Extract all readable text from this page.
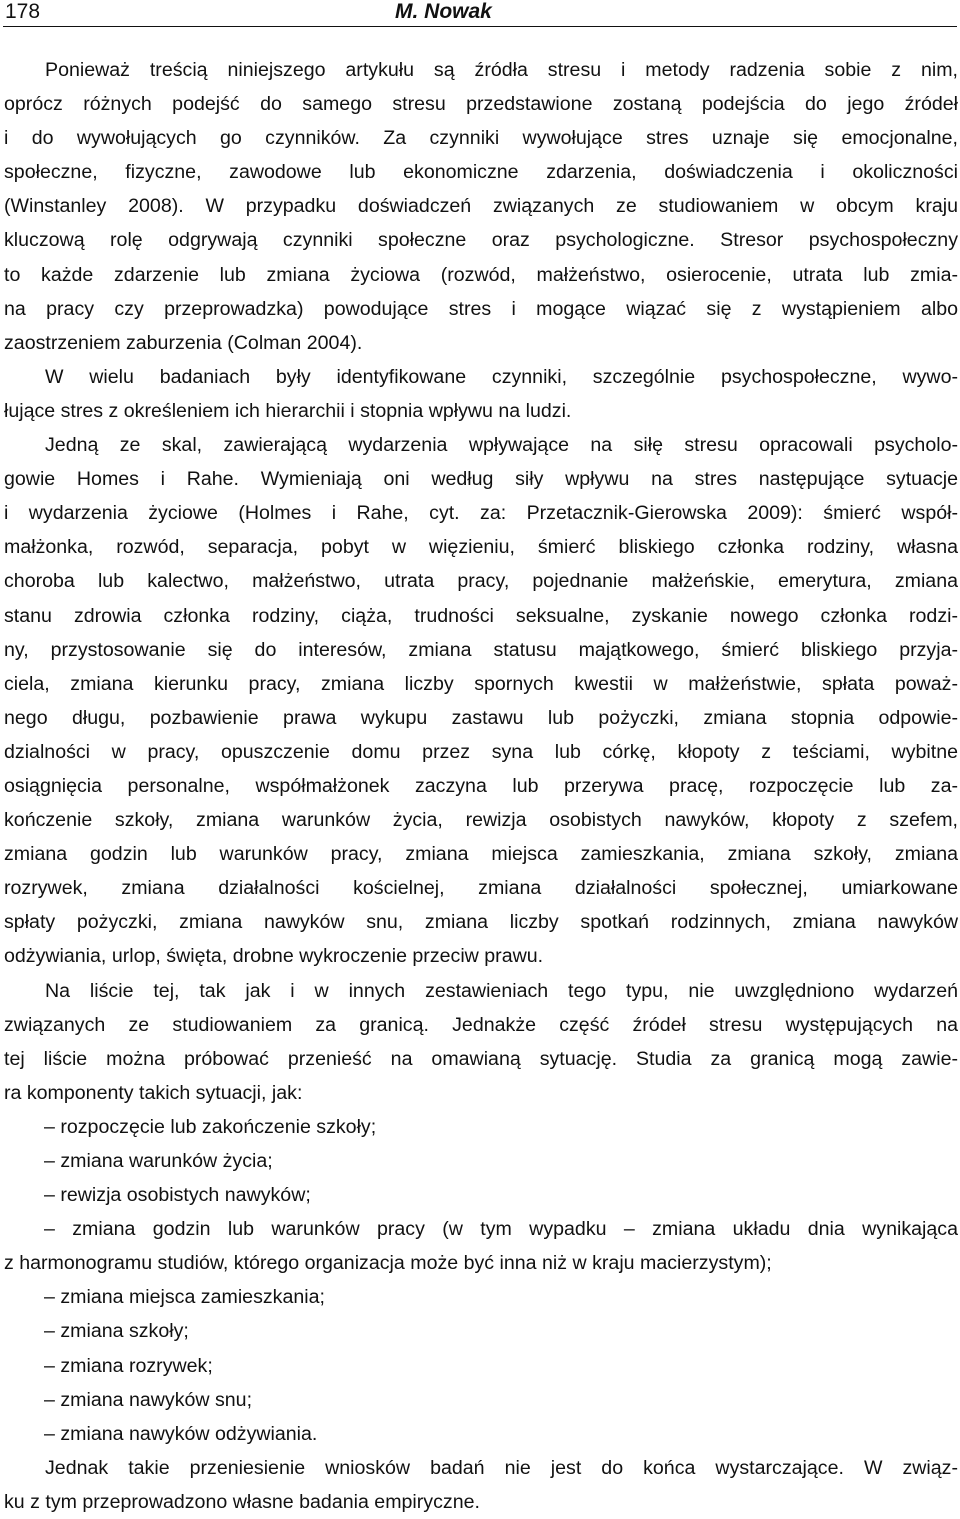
178	M. Nowak
Ponieważ treścią niniejszego artykułu są źródła stresu i metody radzenia sobie z nim,
oprócz różnych podejść do samego stresu przedstawione zostaną podejścia do jego źródeł
i do wywołujących go czynników. Za czynniki wywołujące stres uznaje się emocjonalne,
społeczne, fizyczne, zawodowe lub ekonomiczne zdarzenia, doświadczenia i okoliczności
(Winstanley 2008). W przypadku doświadczeń związanych ze studiowaniem w obcym kraju
kluczową rolę odgrywają czynniki społeczne oraz psychologiczne. Stresor psychospołeczny
to każde zdarzenie lub zmiana życiowa (rozwód, małżeństwo, osierocenie, utrata lub zmia-
na pracy czy przeprowadzka) powodujące stres i mogące wiązać się z wystąpieniem albo
zaostrzeniem zaburzenia (Colman 2004).
W wielu badaniach były identyfikowane czynniki, szczególnie psychospołeczne, wywo-
łujące stres z określeniem ich hierarchii i stopnia wpływu na ludzi.
Jedną ze skal, zawierającą wydarzenia wpływające na siłę stresu opracowali psycholo-
gowie Homes i Rahe. Wymieniają oni według siły wpływu na stres następujące sytuacje
i wydarzenia życiowe (Holmes i Rahe, cyt. za: Przetacznik-Gierowska 2009): śmierć współ-
małżonka, rozwód, separacja, pobyt w więzieniu, śmierć bliskiego członka rodziny, własna
choroba lub kalectwo, małżeństwo, utrata pracy, pojednanie małżeńskie, emerytura, zmiana
stanu zdrowia członka rodziny, ciąża, trudności seksualne, zyskanie nowego członka rodzi-
ny, przystosowanie się do interesów, zmiana statusu majątkowego, śmierć bliskiego przyja-
ciela, zmiana kierunku pracy, zmiana liczby spornych kwestii w małżeństwie, spłata poważ-
nego długu, pozbawienie prawa wykupu zastawu lub pożyczki, zmiana stopnia odpowie-
dzialności w pracy, opuszczenie domu przez syna lub córkę, kłopoty z teściami, wybitne
osiągnięcia personalne, współmałżonek zaczyna lub przerywa pracę, rozpoczęcie lub za-
kończenie szkoły, zmiana warunków życia, rewizja osobistych nawyków, kłopoty z szefem,
zmiana godzin lub warunków pracy, zmiana miejsca zamieszkania, zmiana szkoły, zmiana
rozrywek, zmiana działalności kościelnej, zmiana działalności społecznej, umiarkowane
spłaty pożyczki, zmiana nawyków snu, zmiana liczby spotkań rodzinnych, zmiana nawyków
odżywiania, urlop, święta, drobne wykroczenie przeciw prawu.
Na liście tej, tak jak i w innych zestawieniach tego typu, nie uwzględniono wydarzeń
związanych ze studiowaniem za granicą. Jednakże część źródeł stresu występujących na
tej liście można próbować przenieść na omawianą sytuację. Studia za granicą mogą zawie-
ra komponenty takich sytuacji, jak:
– rozpoczęcie lub zakończenie szkoły;
– zmiana warunków życia;
– rewizja osobistych nawyków;
– zmiana godzin lub warunków pracy (w tym wypadku – zmiana układu dnia wynikająca
z harmonogramu studiów, którego organizacja może być inna niż w kraju macierzystym);
– zmiana miejsca zamieszkania;
– zmiana szkoły;
– zmiana rozrywek;
– zmiana nawyków snu;
– zmiana nawyków odżywiania.
Jednak takie przeniesienie wniosków badań nie jest do końca wystarczające. W związ-
ku z tym przeprowadzono własne badania empiryczne.
